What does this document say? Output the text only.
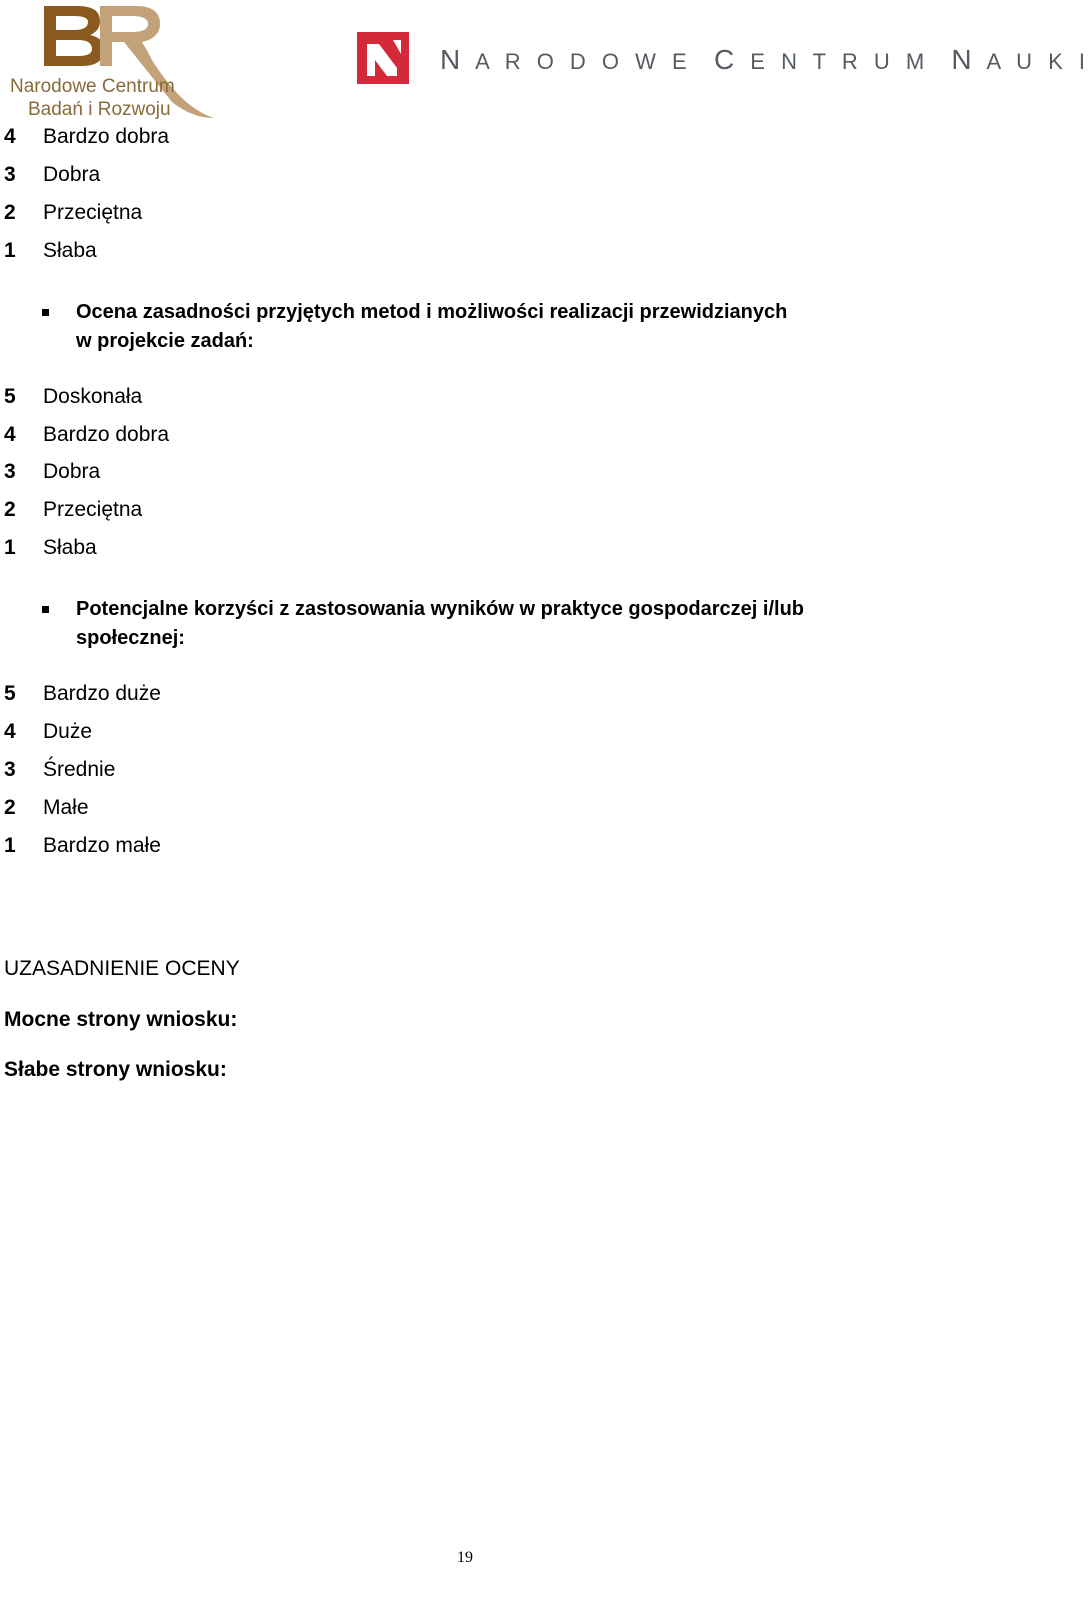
Narodowe Centrum
Badań i Rozwoju
N A R O D O W E  C E N T R U M  N A U K I
4	Bardzo dobra
3	Dobra
2	Przeciętna
1	Słaba
Ocena zasadności przyjętych metod i możliwości realizacji przewidzianych
w projekcie zadań:
5	Doskonała
4	Bardzo dobra
3	Dobra
2	Przeciętna
1	Słaba
Potencjalne korzyści z zastosowania wyników w praktyce gospodarczej i/lub
społecznej:
5	Bardzo duże
4	Duże
3	Średnie
2	Małe
1	Bardzo małe
UZASADNIENIE OCENY
Mocne strony wniosku:
Słabe strony wniosku:
19
